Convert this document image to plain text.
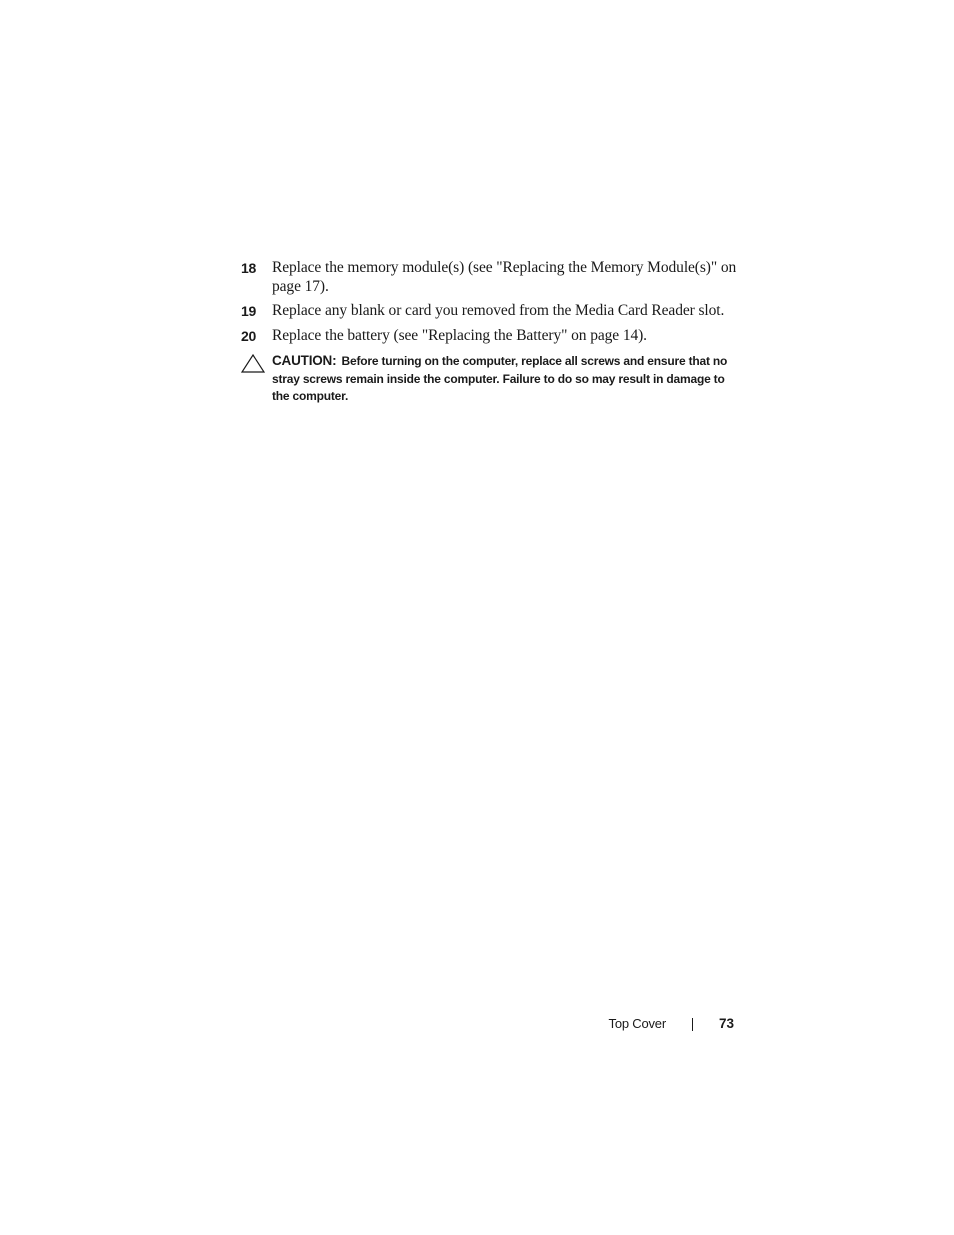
18	Replace the memory module(s) (see "Replacing the Memory Module(s)" on page 17).
19	Replace any blank or card you removed from the Media Card Reader slot.
20	Replace the battery (see "Replacing the Battery" on page 14).
CAUTION: Before turning on the computer, replace all screws and ensure that no stray screws remain inside the computer. Failure to do so may result in damage to the computer.
Top Cover	73
